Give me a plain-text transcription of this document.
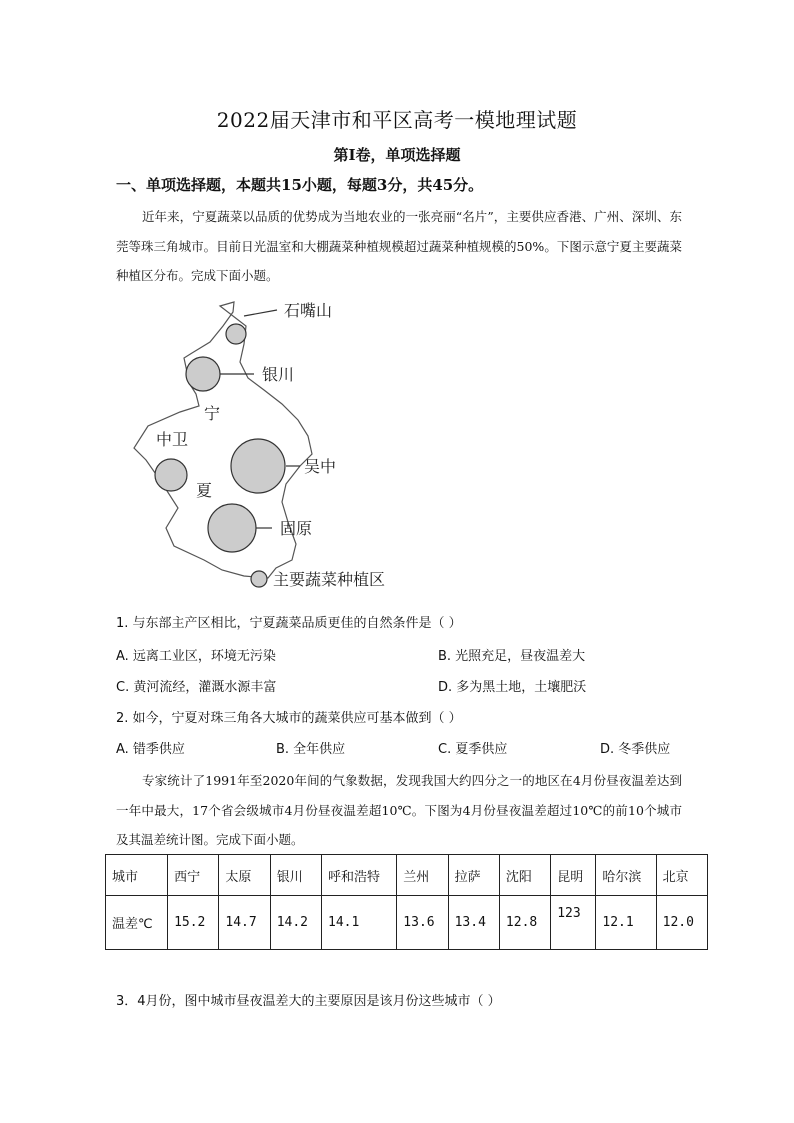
2022届天津市和平区高考一模地理试题
第I卷，单项选择题
一、单项选择题，本题共15小题，每题3分，共45分。
近年来，宁夏蔬菜以品质的优势成为当地农业的一张亮丽“名片”，主要供应香港、广州、深圳、东莞等珠三角城市。目前日光温室和大棚蔬菜种植规模超过蔬菜种植规模的50%。下图示意宁夏主要蔬菜种植区分布。完成下面小题。
石嘴山
银川
宁
中卫
吴中
夏
固原
主要蔬菜种植区
1. 与东部主产区相比，宁夏蔬菜品质更佳的自然条件是（ ）
A. 远离工业区，环境无污染	B. 光照充足，昼夜温差大
C. 黄河流经，灌溉水源丰富	D. 多为黑土地，土壤肥沃
2. 如今，宁夏对珠三角各大城市的蔬菜供应可基本做到（ ）
A. 错季供应	B. 全年供应	C. 夏季供应	D. 冬季供应
专家统计了1991年至2020年间的气象数据，发现我国大约四分之一的地区在4月份昼夜温差达到一年中最大，17个省会级城市4月份昼夜温差超10℃。下图为4月份昼夜温差超过10℃的前10个城市及其温差统计图。完成下面小题。
城市	西宁	太原	银川	呼和浩特	兰州	拉萨	沈阳	昆明	哈尔滨	北京
温差℃	15.2	14.7	14.2	14.1	13.6	13.4	12.8	123	12.1	12.0
3．4月份，图中城市昼夜温差大的主要原因是该月份这些城市（ ）
